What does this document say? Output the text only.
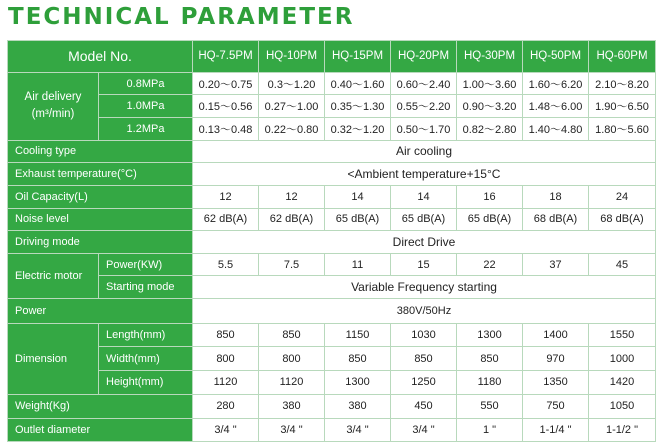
TECHNICAL PARAMETER
Model No.		HQ-7.5PM	HQ-10PM	HQ-15PM	HQ-20PM	HQ-30PM	HQ-50PM	HQ-60PM

Air delivery
(m³/min)	0.8MPa	0.20～0.75	0.3～1.20	0.40～1.60	0.60～2.40	1.00～3.60	1.60～6.20	2.10～8.20
	1.0MPa	0.15～0.56	0.27～1.00	0.35～1.30	0.55～2.20	0.90～3.20	1.48～6.00	1.90～6.50
	1.2MPa	0.13～0.48	0.22～0.80	0.32～1.20	0.50～1.70	0.82～2.80	1.40～4.80	1.80～5.60
Cooling type		Air cooling						
Exhaust temperature(°C)		<Ambient temperature+15°C						
Oil Capacity(L)		12	12	14	14	16	18	24
Noise level		62 dB(A)	62 dB(A)	65 dB(A)	65 dB(A)	65 dB(A)	68 dB(A)	68 dB(A)
Driving mode		Direct Drive						
Electric motor	Power(KW)	5.5	7.5	11	15	22	37	45
	Starting mode	Variable Frequency starting						
Power		380V/50Hz						
Dimension	Length(mm)	850	850	1150	1030	1300	1400	1550
	Width(mm)	800	800	850	850	850	970	1000
	Height(mm)	1120	1120	1300	1250	1180	1350	1420
Weight(Kg)		280	380	380	450	550	750	1050
Outlet diameter		3/4 "	3/4 "	3/4 "	3/4 "	1 "	1-1/4 "	1-1/2 "
